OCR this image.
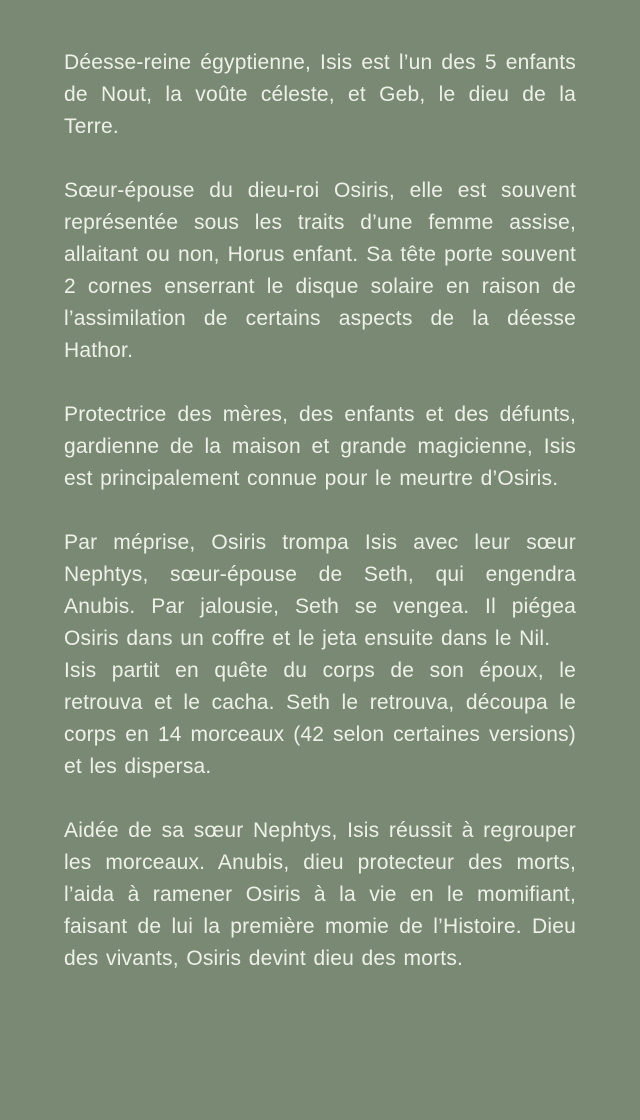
Déesse-reine égyptienne, Isis est l’un des 5 enfants de Nout, la voûte céleste, et Geb, le dieu de la Terre.

Sœur-épouse du dieu-roi Osiris, elle est souvent représentée sous les traits d’une femme assise, allaitant ou non, Horus enfant. Sa tête porte souvent 2 cornes enserrant le disque solaire en raison de l’assimilation de certains aspects de la déesse Hathor.

Protectrice des mères, des enfants et des défunts, gardienne de la maison et grande magicienne, Isis est principalement connue pour le meurtre d’Osiris.

Par méprise, Osiris trompa Isis avec leur sœur Nephtys, sœur-épouse de Seth, qui engendra Anubis. Par jalousie, Seth se vengea. Il piégea Osiris dans un coffre et le jeta ensuite dans le Nil.

Isis partit en quête du corps de son époux, le retrouva et le cacha. Seth le retrouva, découpa le corps en 14 morceaux (42 selon certaines versions) et les dispersa.

Aidée de sa sœur Nephtys, Isis réussit à regrouper les morceaux. Anubis, dieu protecteur des morts, l’aida à ramener Osiris à la vie en le momifiant, faisant de lui la première momie de l’Histoire. Dieu des vivants, Osiris devint dieu des morts.
